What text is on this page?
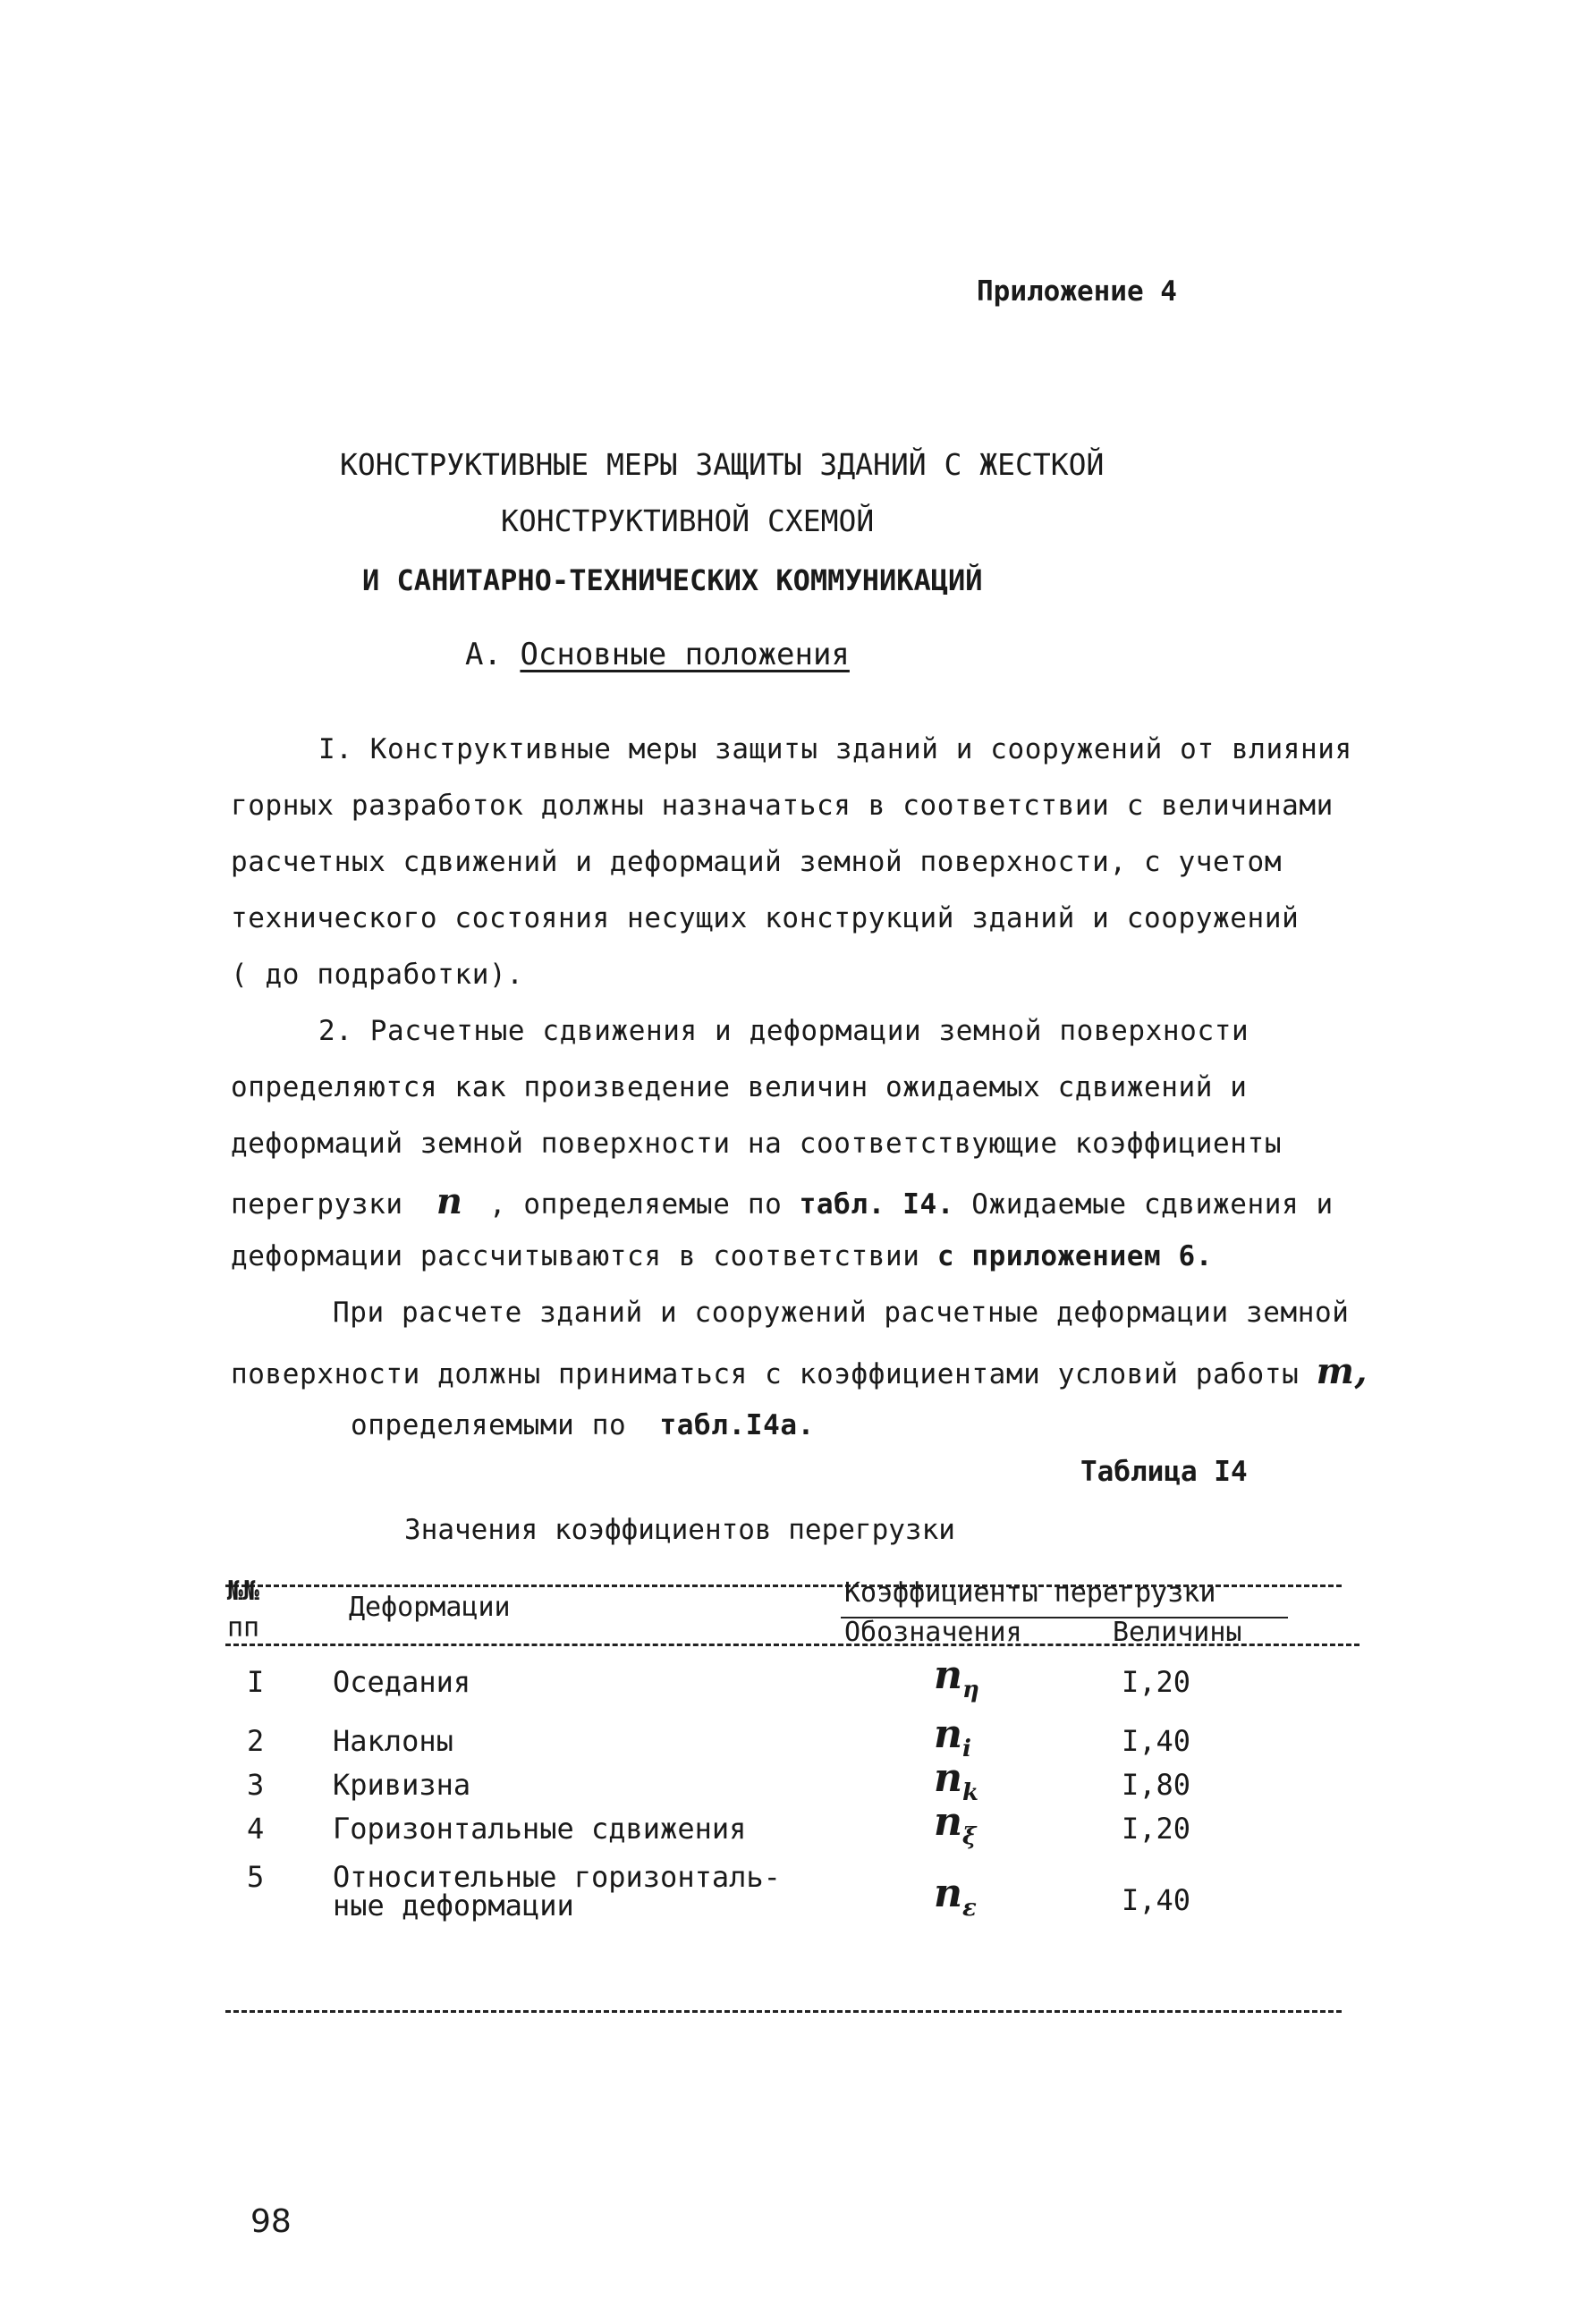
Приложение 4
КОНСТРУКТИВНЫЕ МЕРЫ ЗАЩИТЫ ЗДАНИЙ С ЖЕСТКОЙ
КОНСТРУКТИВНОЙ СХЕМОЙ
И САНИТАРНО-ТЕХНИЧЕСКИХ КОММУНИКАЦИЙ
А. Основные положения
I. Конструктивные меры защиты зданий и сооружений от влияния
горных разработок должны назначаться в соответствии с величинами
расчетных сдвижений и деформаций земной поверхности, с учетом
технического состояния несущих конструкций зданий и сооружений
( до подработки).
2. Расчетные сдвижения и деформации земной поверхности
определяются как произведение величин ожидаемых сдвижений и
деформаций земной поверхности на соответствующие коэффициенты
перегрузки n , определяемые по табл. I4. Ожидаемые сдвижения и
деформации рассчитываются в соответствии с приложением 6.
При расчете зданий и сооружений расчетные деформации земной
поверхности должны приниматься с коэффициентами условий работы m,
определяемыми по табл.I4а.
Таблица I4
Значения коэффициентов перегрузки
№№
пп
Деформации	Коэффициенты перегрузки
Обозначения	Величины
I Оседания	$n_\eta$	I,20
2 Наклоны	$n_i$	I,40
3 Кривизна	$n_k$	I,80
4 Горизонтальные сдвижения	$n_\xi$	I,20
5 Относительные горизонталь-
ные деформации	$n_\varepsilon$	I,40
98
